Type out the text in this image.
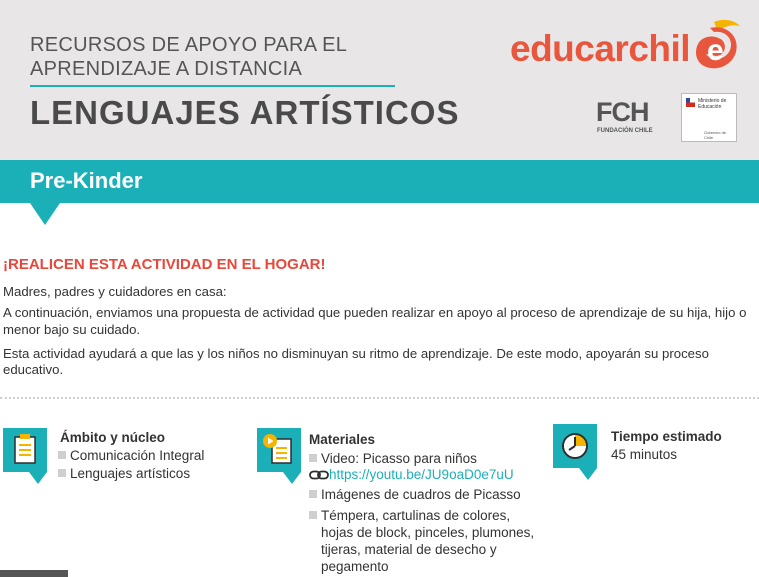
RECURSOS DE APOYO PARA EL
APRENDIZAJE A DISTANCIA
LENGUAJES ARTÍSTICOS
educarchil e
FCH
FUNDACIÓN CHILE
Ministerio de Educación
Gobierno de Chile
Pre-Kinder
¡REALICEN ESTA ACTIVIDAD EN EL HOGAR!
Madres, padres y cuidadores en casa:
A continuación, enviamos una propuesta de actividad que pueden realizar en apoyo al proceso de aprendizaje de su hija, hijo o
menor bajo su cuidado.
Esta actividad ayudará a que las y los niños no disminuyan su ritmo de aprendizaje. De este modo, apoyarán su proceso
educativo.
Ámbito y núcleo
Comunicación Integral
Lenguajes artísticos
Materiales
Video: Picasso para niños
https://youtu.be/JU9oaD0e7uU
Imágenes de cuadros de Picasso
Témpera, cartulinas de colores,
hojas de block, pinceles, plumones,
tijeras, material de desecho y
pegamento
Tiempo estimado
45 minutos
